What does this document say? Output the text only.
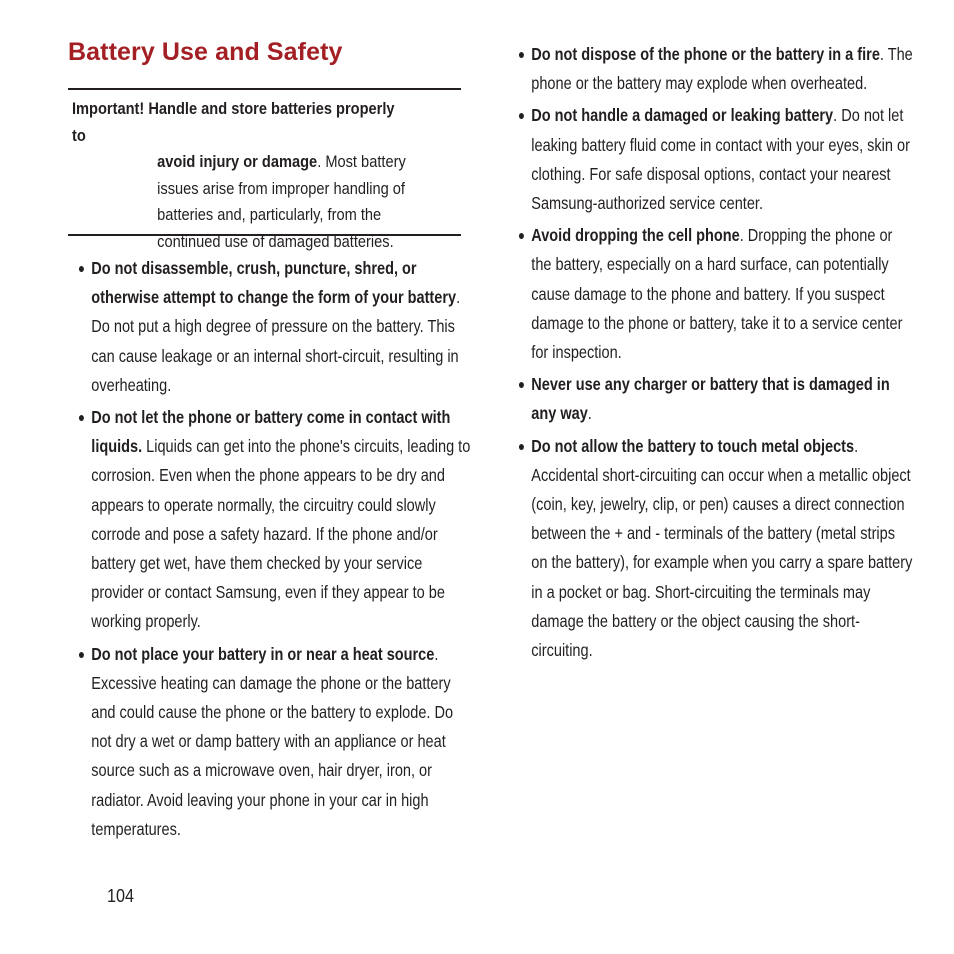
Battery Use and Safety

Important! Handle and store batteries properly to

avoid injury or damage. Most battery
issues arise from improper handling of
batteries and, particularly, from the
continued use of damaged batteries.

● Do not disassemble, crush, puncture, shred, or otherwise attempt to change the form of your battery. Do not put a high degree of pressure on the battery. This can cause leakage or an internal short-circuit, resulting in overheating.

● Do not let the phone or battery come in contact with liquids. Liquids can get into the phone's circuits, leading to corrosion. Even when the phone appears to be dry and appears to operate normally, the circuitry could slowly corrode and pose a safety hazard. If the phone and/or battery get wet, have them checked by your service provider or contact Samsung, even if they appear to be working properly.

● Do not place your battery in or near a heat source. Excessive heating can damage the phone or the battery and could cause the phone or the battery to explode. Do not dry a wet or damp battery with an appliance or heat source such as a microwave oven, hair dryer, iron, or radiator. Avoid leaving your phone in your car in high temperatures.

● Do not dispose of the phone or the battery in a fire. The phone or the battery may explode when overheated.

● Do not handle a damaged or leaking battery. Do not let leaking battery fluid come in contact with your eyes, skin or clothing. For safe disposal options, contact your nearest Samsung-authorized service center.

● Avoid dropping the cell phone. Dropping the phone or the battery, especially on a hard surface, can potentially cause damage to the phone and battery. If you suspect damage to the phone or battery, take it to a service center for inspection.

● Never use any charger or battery that is damaged in any way.

● Do not allow the battery to touch metal objects. Accidental short-circuiting can occur when a metallic object (coin, key, jewelry, clip, or pen) causes a direct connection between the + and - terminals of the battery (metal strips on the battery), for example when you carry a spare battery in a pocket or bag. Short-circuiting the terminals may damage the battery or the object causing the short-circuiting.

104
